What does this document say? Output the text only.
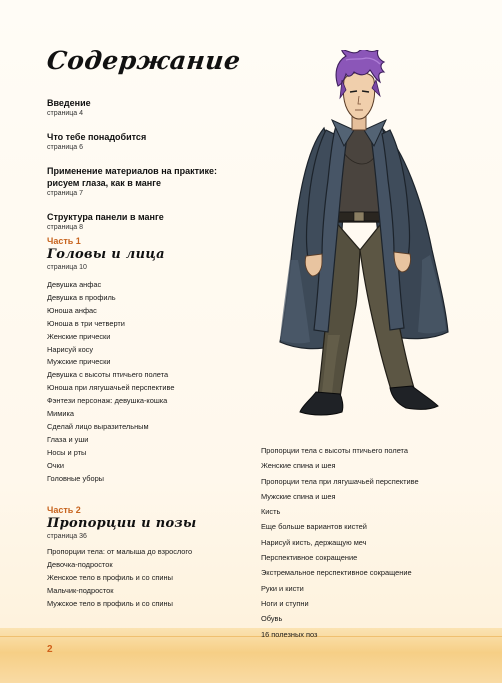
Содержание
Введение
страница 4
Что тебе понадобится
страница 6
Применение материалов на практике: рисуем глаза, как в манге
страница 7
Структура панели в манге
страница 8
Часть 1
Головы и лица
страница 10
Девушка анфас
Девушка в профиль
Юноша анфас
Юноша в три четверти
Женские прически
Нарисуй косу
Мужские прически
Девушка с высоты птичьего полета
Юноша при лягушачьей перспективе
Фэнтези персонаж: девушка-кошка
Мимика
Сделай лицо выразительным
Глаза и уши
Носы и рты
Очки
Головные уборы
Часть 2
Пропорции и позы
страница 36
Пропорции тела: от малыша до взрослого
Девочка-подросток
Женское тело в профиль и со спины
Мальчик-подросток
Мужское тело в профиль и со спины
Пропорции тела с высоты птичьего полета
Женские спина и шея
Пропорции тела при лягушачьей перспективе
Мужские спина и шея
Кисть
Еще больше вариантов кистей
Нарисуй кисть, держащую меч
Перспективное сокращение
Экстремальное перспективное сокращение
Руки и кисти
Ноги и ступни
Обувь
16 полезных поз
2
